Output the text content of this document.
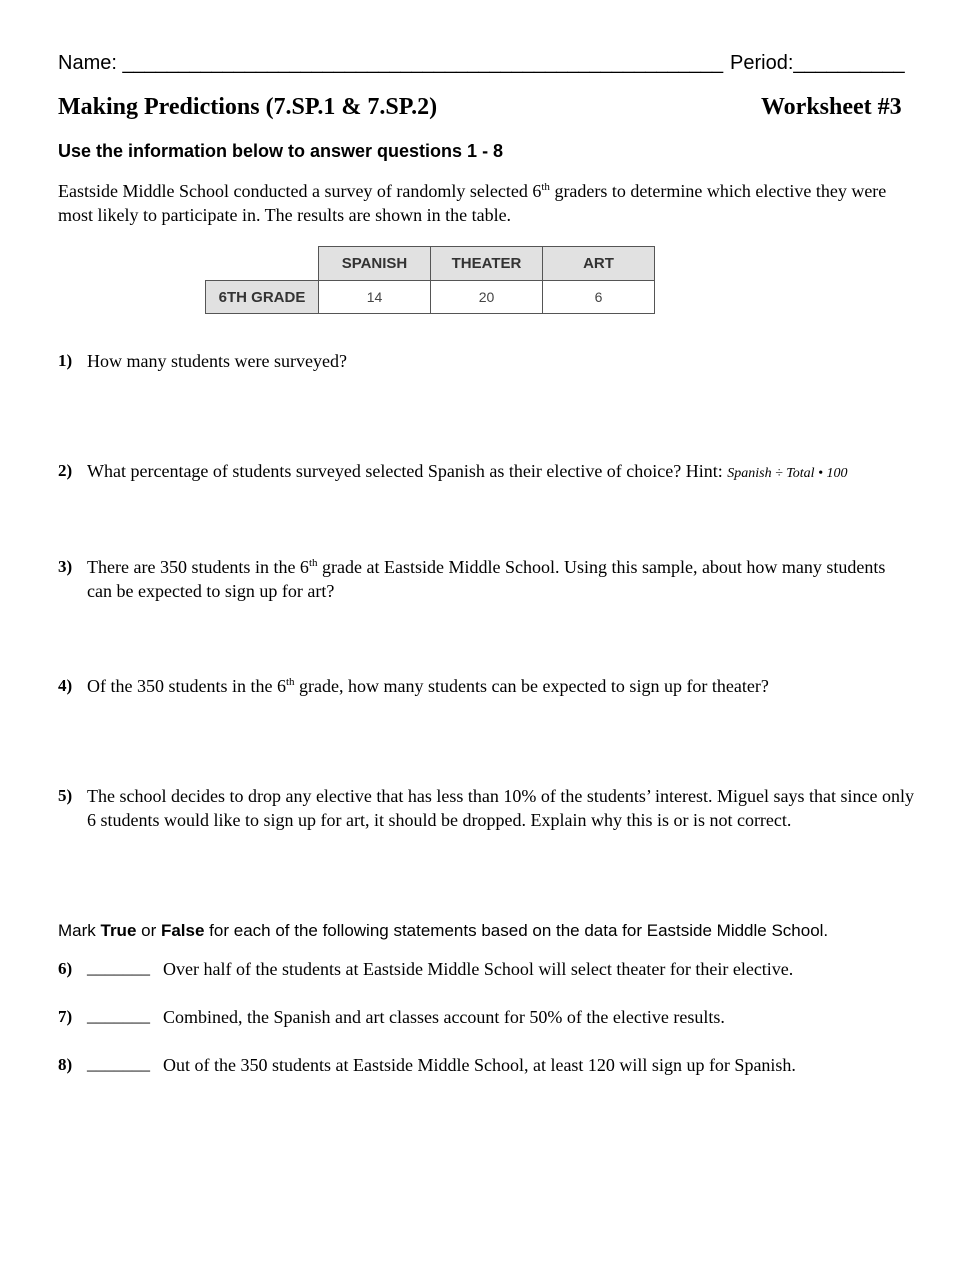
Name: ______________________________________________________ Period:__________
Making Predictions (7.SP.1 & 7.SP.2)	Worksheet #3
Use the information below to answer questions 1 - 8
Eastside Middle School conducted a survey of randomly selected 6th graders to determine which elective they were most likely to participate in. The results are shown in the table.
	SPANISH	THEATER	ART
6TH GRADE	14	20	6
1) How many students were surveyed?
2) What percentage of students surveyed selected Spanish as their elective of choice? Hint: Spanish ÷ Total • 100
3) There are 350 students in the 6th grade at Eastside Middle School. Using this sample, about how many students can be expected to sign up for art?
4) Of the 350 students in the 6th grade, how many students can be expected to sign up for theater?
5) The school decides to drop any elective that has less than 10% of the students’ interest. Miguel says that since only 6 students would like to sign up for art, it should be dropped. Explain why this is or is not correct.
Mark True or False for each of the following statements based on the data for Eastside Middle School.
6) _______ Over half of the students at Eastside Middle School will select theater for their elective.
7) _______ Combined, the Spanish and art classes account for 50% of the elective results.
8) _______ Out of the 350 students at Eastside Middle School, at least 120 will sign up for Spanish.
